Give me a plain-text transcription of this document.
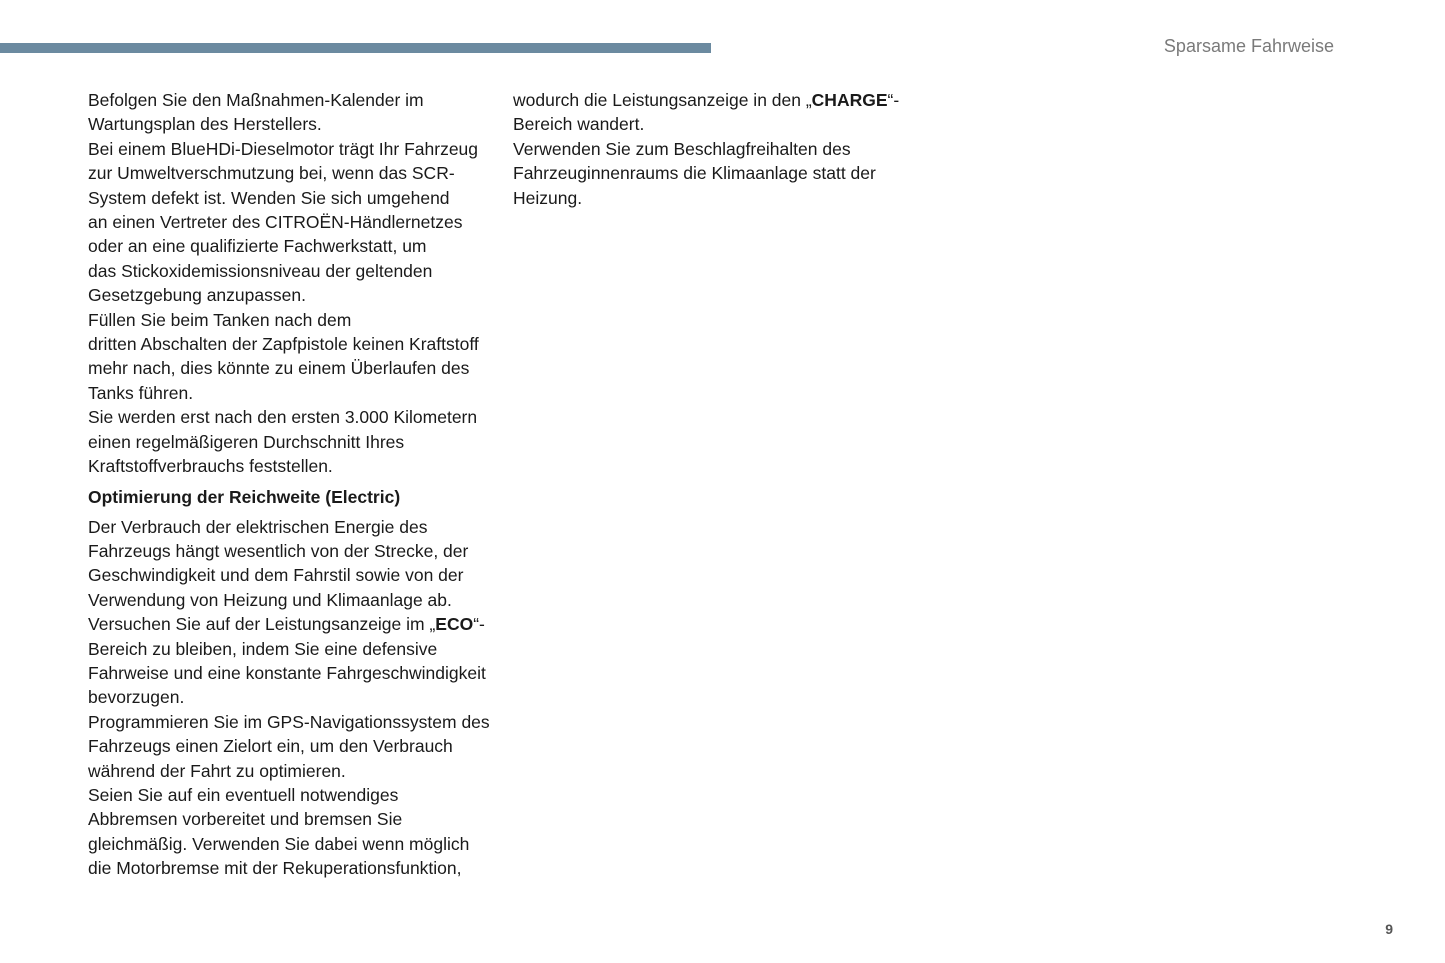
Sparsame Fahrweise

Befolgen Sie den Maßnahmen-Kalender im
Wartungsplan des Herstellers.

Bei einem BlueHDi-Dieselmotor trägt Ihr Fahrzeug
zur Umweltverschmutzung bei, wenn das SCR-
System defekt ist. Wenden Sie sich umgehend
an einen Vertreter des CITROËN-Händlernetzes
oder an eine qualifizierte Fachwerkstatt, um
das Stickoxidemissionsniveau der geltenden
Gesetzgebung anzupassen.

Füllen Sie beim Tanken nach dem
dritten Abschalten der Zapfpistole keinen Kraftstoff
mehr nach, dies könnte zu einem Überlaufen des
Tanks führen.

Sie werden erst nach den ersten 3.000 Kilometern
einen regelmäßigeren Durchschnitt Ihres
Kraftstoffverbrauchs feststellen.

Optimierung der Reichweite (Electric)

Der Verbrauch der elektrischen Energie des
Fahrzeugs hängt wesentlich von der Strecke, der
Geschwindigkeit und dem Fahrstil sowie von der
Verwendung von Heizung und Klimaanlage ab.

Versuchen Sie auf der Leistungsanzeige im „ECO“-
Bereich zu bleiben, indem Sie eine defensive
Fahrweise und eine konstante Fahrgeschwindigkeit
bevorzugen.

Programmieren Sie im GPS-Navigationssystem des
Fahrzeugs einen Zielort ein, um den Verbrauch
während der Fahrt zu optimieren.

Seien Sie auf ein eventuell notwendiges
Abbremsen vorbereitet und bremsen Sie
gleichmäßig. Verwenden Sie dabei wenn möglich
die Motorbremse mit der Rekuperationsfunktion,

wodurch die Leistungsanzeige in den „CHARGE“-
Bereich wandert.

Verwenden Sie zum Beschlagfreihalten des
Fahrzeuginnenraums die Klimaanlage statt der
Heizung.

9
